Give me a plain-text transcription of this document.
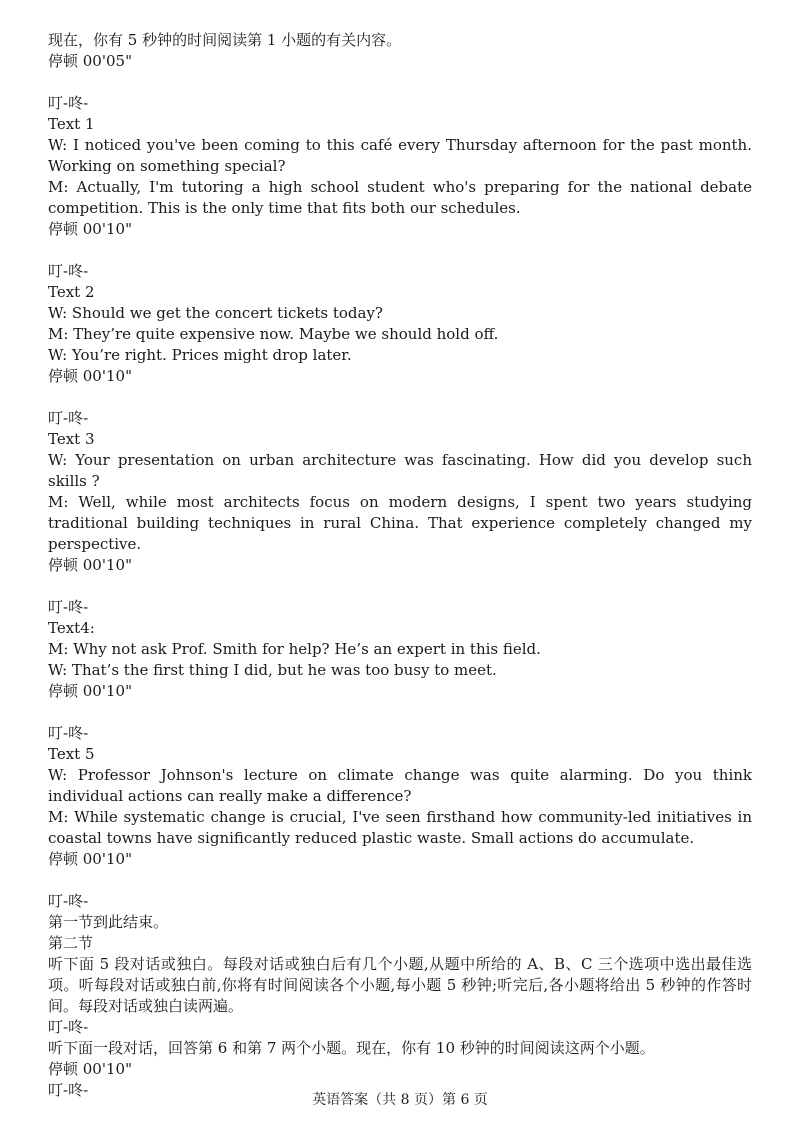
现在，你有 5 秒钟的时间阅读第 1 小题的有关内容。

停顿 00'05"

叮-咚-

Text 1

W: I noticed you've been coming to this café every Thursday afternoon for the past month. Working on something special?

M: Actually, I'm tutoring a high school student who's preparing for the national debate competition. This is the only time that fits both our schedules.

停顿 00'10"

叮-咚-

Text 2

W: Should we get the concert tickets today?

M: They’re quite expensive now. Maybe we should hold off.

W: You’re right. Prices might drop later.

停顿 00'10"

叮-咚-

Text 3

W: Your presentation on urban architecture was fascinating. How did you develop such skills ?

M: Well, while most architects focus on modern designs, I spent two years studying traditional building techniques in rural China. That experience completely changed my perspective.

停顿 00'10"

叮-咚-

Text4:

M: Why not ask Prof. Smith for help? He’s an expert in this field.

W: That’s the first thing I did, but he was too busy to meet.

停顿 00'10"

叮-咚-

Text 5

W: Professor Johnson's lecture on climate change was quite alarming. Do you think individual actions can really make a difference?

M: While systematic change is crucial, I've seen firsthand how community-led initiatives in coastal towns have significantly reduced plastic waste. Small actions do accumulate.

停顿 00'10"

叮-咚-

第一节到此结束。

第二节

听下面 5 段对话或独白。每段对话或独白后有几个小题,从题中所给的 A、B、C 三个选项中选出最佳选项。听每段对话或独白前,你将有时间阅读各个小题,每小题 5 秒钟;听完后,各小题将给出 5 秒钟的作答时间。每段对话或独白读两遍。

叮-咚-

听下面一段对话，回答第 6 和第 7 两个小题。现在，你有 10 秒钟的时间阅读这两个小题。

停顿 00'10"

叮-咚-

英语答案（共 8 页）第 6 页
